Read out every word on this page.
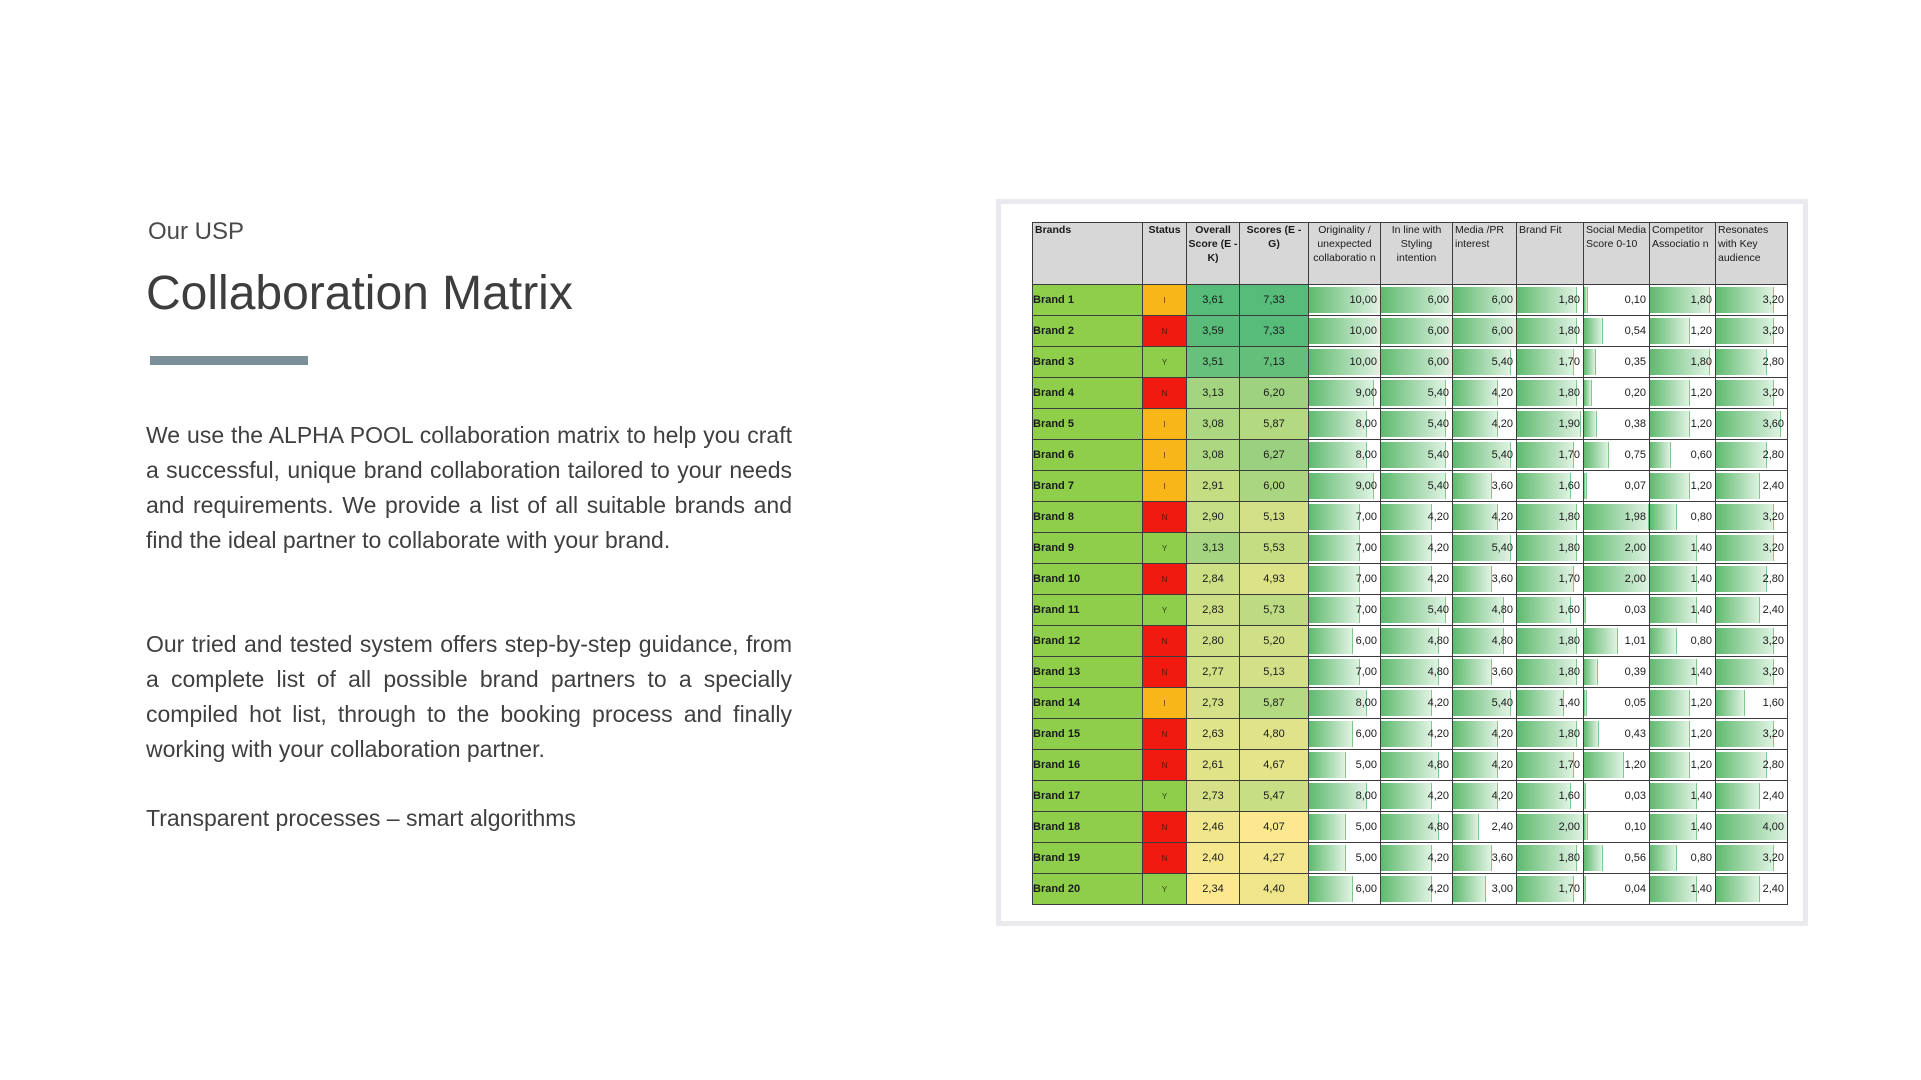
Our USP
Collaboration Matrix

We use the ALPHA POOL collaboration matrix to help you craft a successful, unique brand collaboration tailored to your needs and requirements. We provide a list of all suitable brands and find the ideal partner to collaborate with your brand.

Our tried and tested system offers step-by-step guidance, from a complete list of all possible brand partners to a specially compiled hot list, through to the booking process and finally working with your collaboration partner.

Transparent processes – smart algorithms

Brands	Status	Overall Score (E - K)	Scores (E - G)	Originality / unexpected collaboratio n	In line with Styling intention	Media /PR interest	Brand Fit	Social Media Score 0-10	Competitor Associatio n	Resonates with Key audience
Brand 1	I	3,61	7,33	10,00	6,00	6,00	1,80	0,10	1,80	3,20
Brand 2	N	3,59	7,33	10,00	6,00	6,00	1,80	0,54	1,20	3,20
Brand 3	Y	3,51	7,13	10,00	6,00	5,40	1,70	0,35	1,80	2,80
Brand 4	N	3,13	6,20	9,00	5,40	4,20	1,80	0,20	1,20	3,20
Brand 5	I	3,08	5,87	8,00	5,40	4,20	1,90	0,38	1,20	3,60
Brand 6	I	3,08	6,27	8,00	5,40	5,40	1,70	0,75	0,60	2,80
Brand 7	I	2,91	6,00	9,00	5,40	3,60	1,60	0,07	1,20	2,40
Brand 8	N	2,90	5,13	7,00	4,20	4,20	1,80	1,98	0,80	3,20
Brand 9	Y	3,13	5,53	7,00	4,20	5,40	1,80	2,00	1,40	3,20
Brand 10	N	2,84	4,93	7,00	4,20	3,60	1,70	2,00	1,40	2,80
Brand 11	Y	2,83	5,73	7,00	5,40	4,80	1,60	0,03	1,40	2,40
Brand 12	N	2,80	5,20	6,00	4,80	4,80	1,80	1,01	0,80	3,20
Brand 13	N	2,77	5,13	7,00	4,80	3,60	1,80	0,39	1,40	3,20
Brand 14	I	2,73	5,87	8,00	4,20	5,40	1,40	0,05	1,20	1,60
Brand 15	N	2,63	4,80	6,00	4,20	4,20	1,80	0,43	1,20	3,20
Brand 16	N	2,61	4,67	5,00	4,80	4,20	1,70	1,20	1,20	2,80
Brand 17	Y	2,73	5,47	8,00	4,20	4,20	1,60	0,03	1,40	2,40
Brand 18	N	2,46	4,07	5,00	4,80	2,40	2,00	0,10	1,40	4,00
Brand 19	N	2,40	4,27	5,00	4,20	3,60	1,80	0,56	0,80	3,20
Brand 20	Y	2,34	4,40	6,00	4,20	3,00	1,70	0,04	1,40	2,40
